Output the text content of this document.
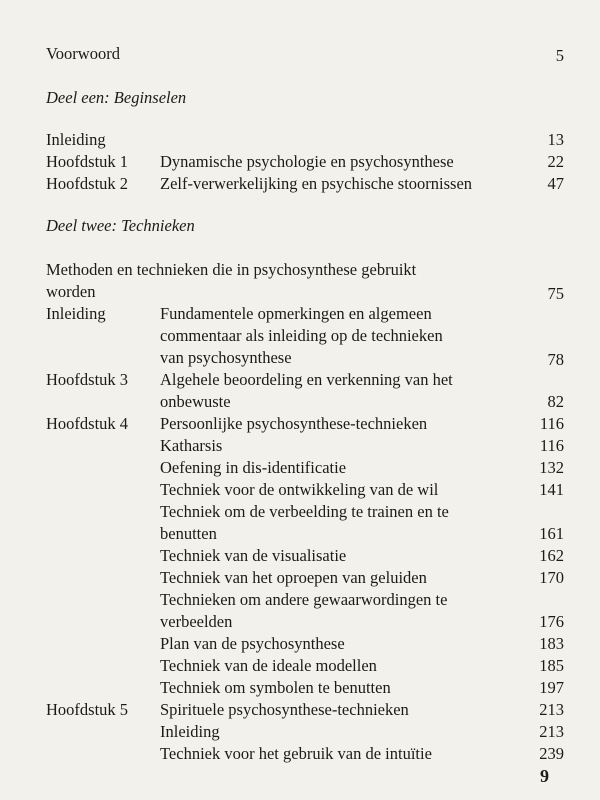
Voorwoord	5
Deel een: Beginselen
Inleiding	13
Hoofdstuk 1 Dynamische psychologie en psychosynthese	22
Hoofdstuk 2 Zelf-verwerkelijking en psychische stoornissen	47
Deel twee: Technieken
Methoden en technieken die in psychosynthese gebruikt
worden	75
Inleiding	Fundamentele opmerkingen en algemeen
commentaar als inleiding op de technieken
van psychosynthese	78
Hoofdstuk 3 Algehele beoordeling en verkenning van het
onbewuste	82
Hoofdstuk 4 Persoonlijke psychosynthese-technieken	116
Katharsis	116
Oefening in dis-identificatie	132
Techniek voor de ontwikkeling van de wil	141
Techniek om de verbeelding te trainen en te
benutten	161
Techniek van de visualisatie	162
Techniek van het oproepen van geluiden	170
Technieken om andere gewaarwordingen te
verbeelden	176
Plan van de psychosynthese	183
Techniek van de ideale modellen	185
Techniek om symbolen te benutten	197
Hoofdstuk 5 Spirituele psychosynthese-technieken	213
Inleiding	213
Techniek voor het gebruik van de intuïtie	239
9
